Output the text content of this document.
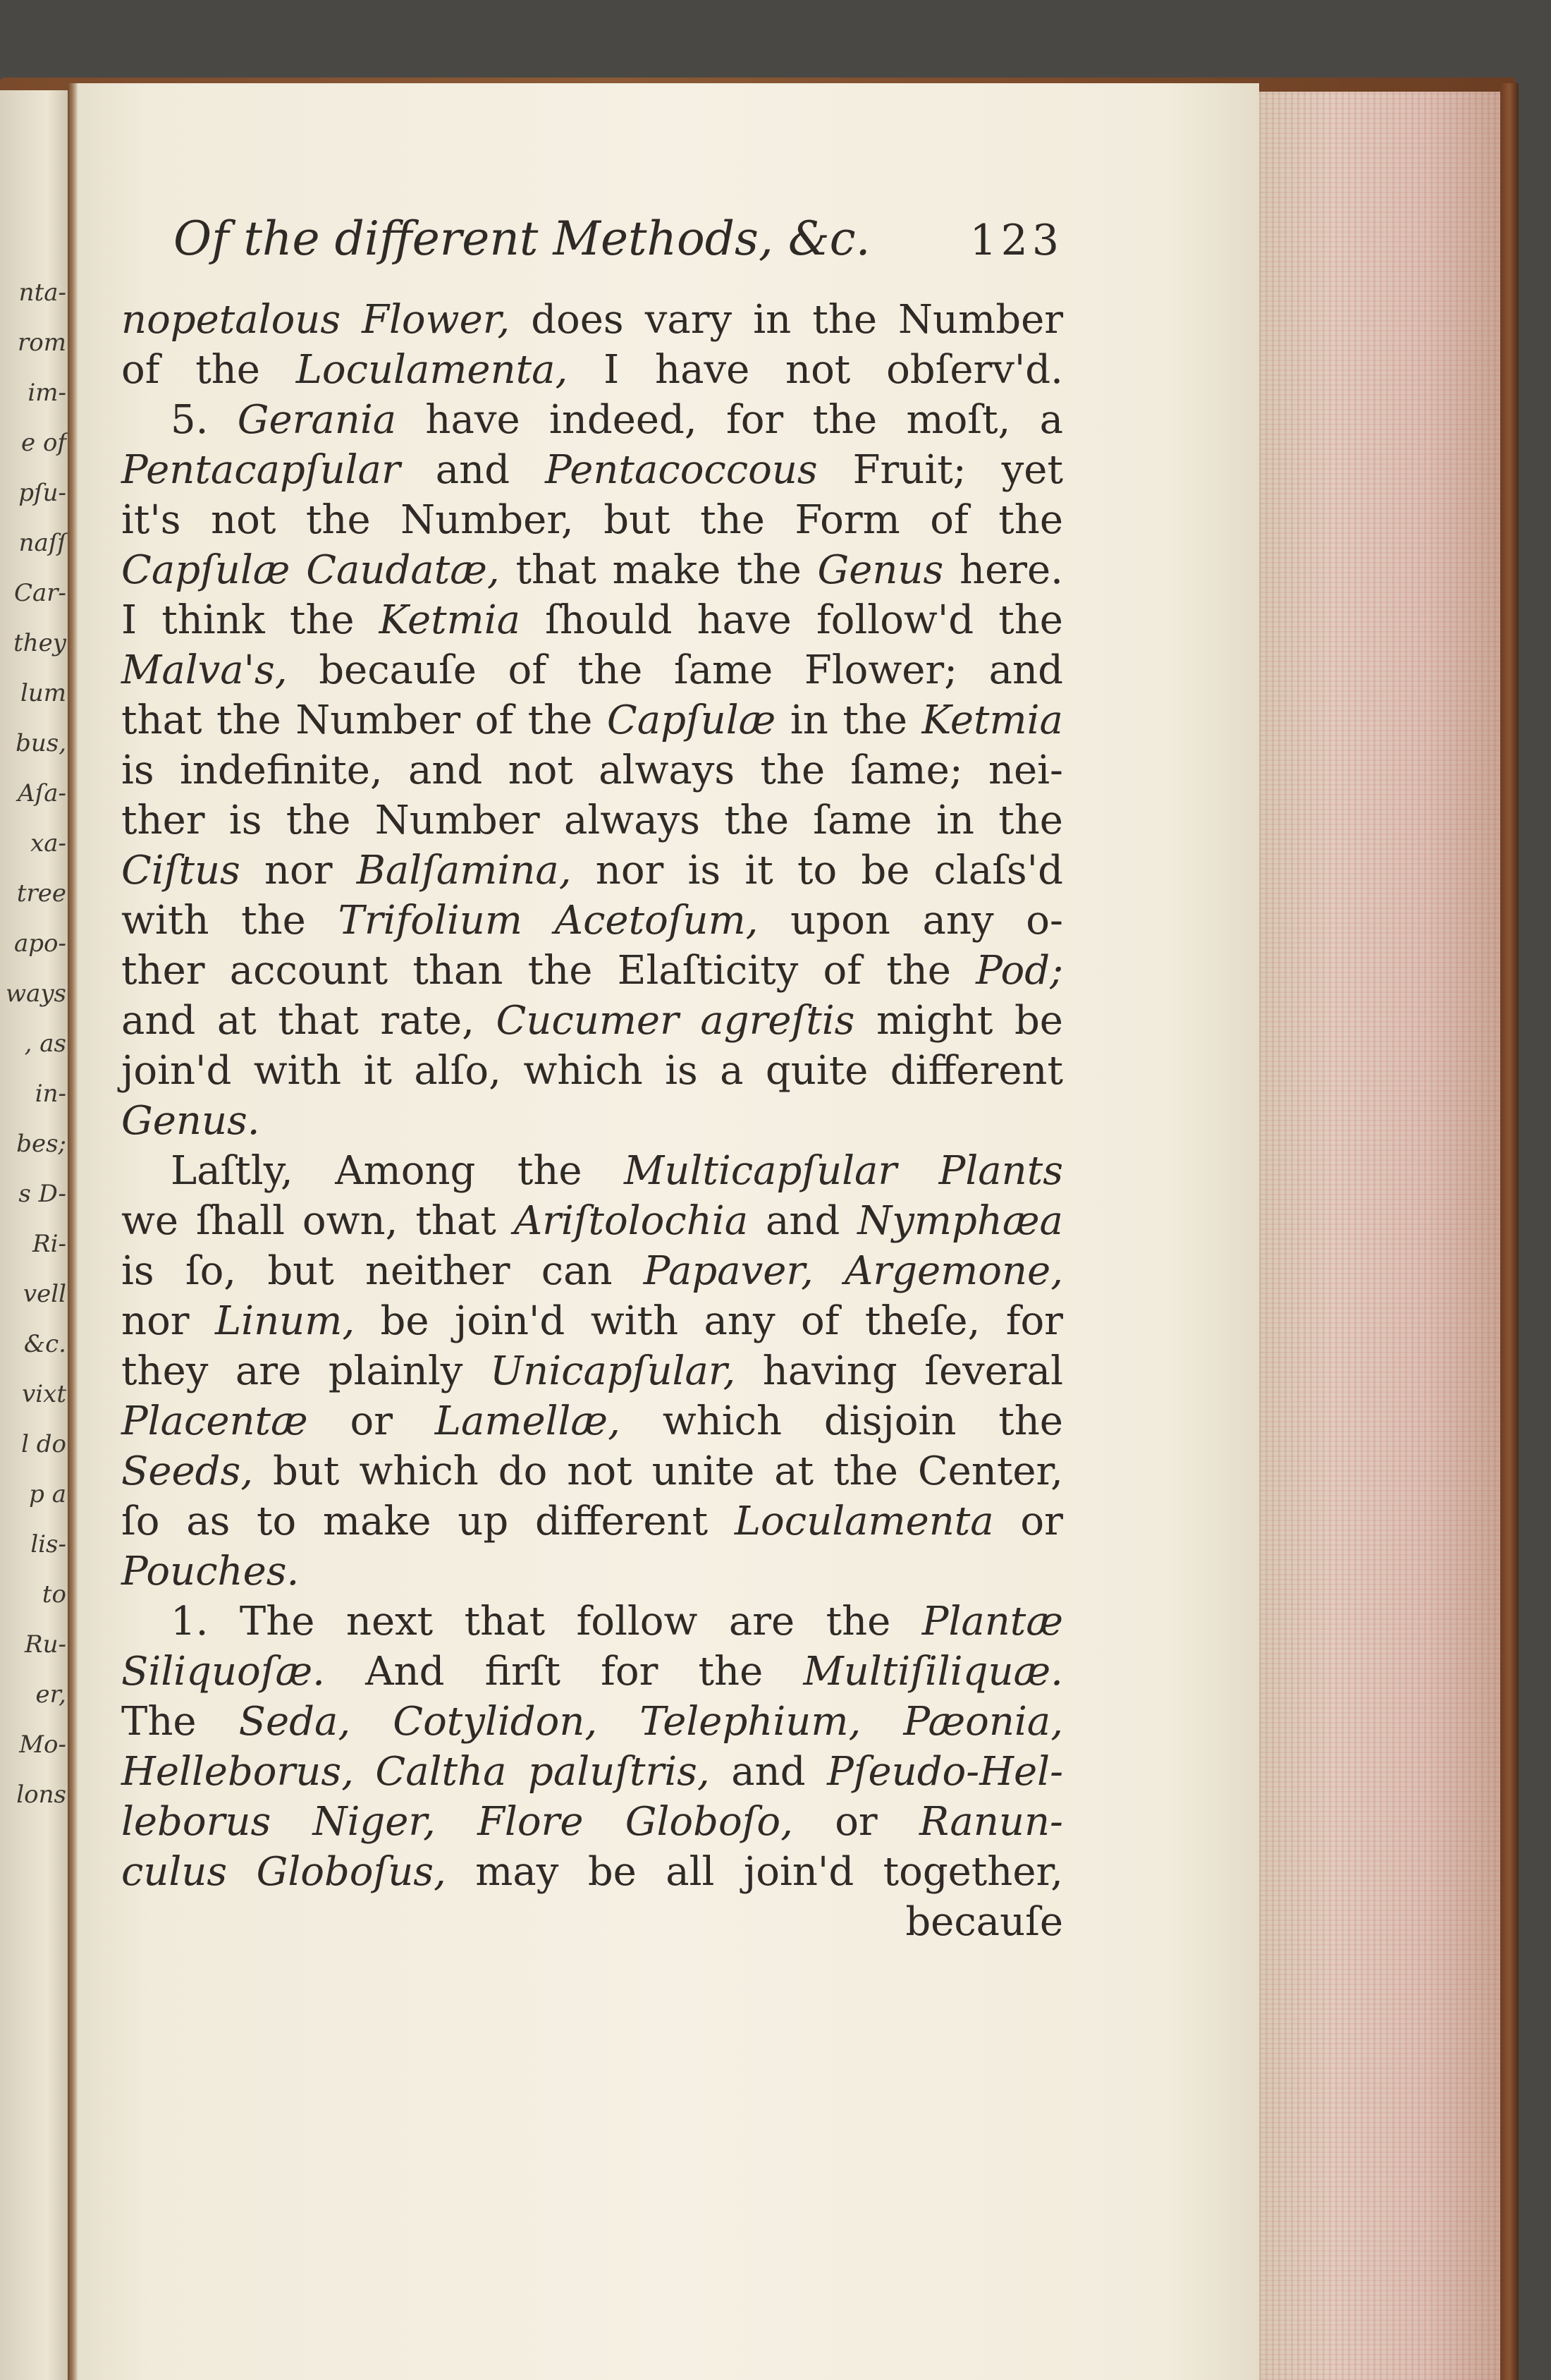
nta-
rom
im-
e of
pſu-
naſſ
Car-
they
lum
bus,
Aſa-
xa-
tree
apo-
ways
, as
in-
bes;
s D-
Ri-
vell
&c.
vixt
l do
p a
lis-
to
Ru-
er,
Mo-
lons
Of the different Methods, &c. 123
nopetalous Flower, does vary in the Number
of the Loculamenta, I have not obſerv'd.
5. Gerania have indeed, for the moſt, a
Pentacapſular and Pentacoccous Fruit; yet
it's not the Number, but the Form of the
Capſulæ Caudatæ, that make the Genus here.
I think the Ketmia ſhould have follow'd the
Malva's, becauſe of the ſame Flower; and
that the Number of the Capſulæ in the Ketmia
is indefinite, and not always the ſame; nei-
ther is the Number always the ſame in the
Ciſtus nor Balſamina, nor is it to be claſs'd
with the Trifolium Acetoſum, upon any o-
ther account than the Elaſticity of the Pod;
and at that rate, Cucumer agreſtis might be
join'd with it alſo, which is a quite different
Genus.
Laſtly, Among the Multicapſular Plants
we ſhall own, that Ariſtolochia and Nymphæa
is ſo, but neither can Papaver, Argemone,
nor Linum, be join'd with any of theſe, for
they are plainly Unicapſular, having ſeveral
Placentæ or Lamellæ, which disjoin the
Seeds, but which do not unite at the Center,
ſo as to make up different Loculamenta or
Pouches.
1. The next that follow are the Plantæ
Siliquoſæ. And firſt for the Multiſiliquæ.
The Seda, Cotylidon, Telephium, Pæonia,
Helleborus, Caltha paluſtris, and Pſeudo-Hel-
leborus Niger, Flore Globoſo, or Ranun-
culus Globoſus, may be all join'd together,
becauſe
